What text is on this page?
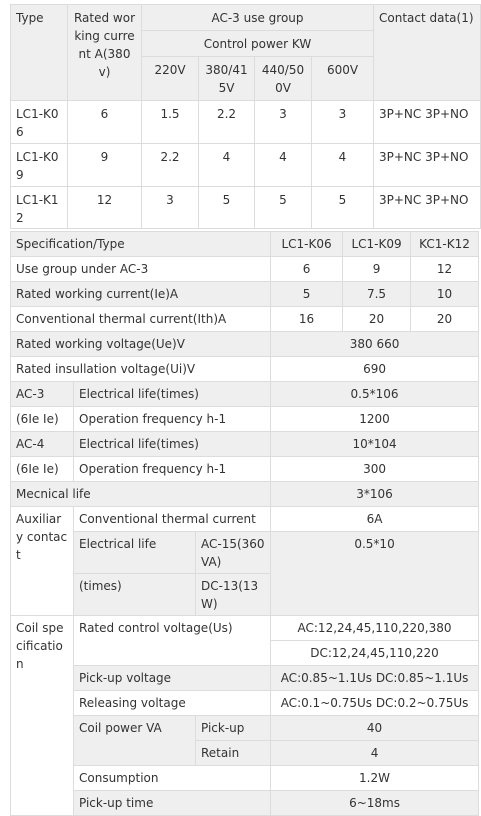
Type	Rated working current A(380v)	AC-3 use group				Contact data(1)
		Control power KW				
		220V	380/415V	440/500V	600V	
LC1-K06	6	1.5	2.2	3	3	3P+NC 3P+NO
LC1-K09	9	2.2	4	4	4	3P+NC 3P+NO
LC1-K12	12	3	5	5	5	3P+NC 3P+NO
Specification/Type			LC1-K06	LC1-K09	KC1-K12
Use group under AC-3			6	9	12
Rated working current(Ie)A			5	7.5	10
Conventional thermal current(Ith)A			16	20	20
Rated working voltage(Ue)V			380 660		
Rated insullation voltage(Ui)V			690		
AC-3	Electrical life(times)		0.5*106		
(6Ie Ie)	Operation frequency h-1		1200		
AC-4	Electrical life(times)		10*104		
(6Ie Ie)	Operation frequency h-1		300		
Mecnical life			3*106		
Auxiliary contact	Conventional thermal current		6A		
	Electrical life	AC-15(360VA)	0.5*10		
	(times)	DC-13(13W)			
Coil specification	Rated control voltage(Us)		AC:12,24,45,110,220,380		
			DC:12,24,45,110,220		
	Pick-up voltage		AC:0.85~1.1Us DC:0.85~1.1Us		
	Releasing voltage		AC:0.1~0.75Us DC:0.2~0.75Us		
	Coil power VA	Pick-up	40		
		Retain	4		
	Consumption		1.2W		
	Pick-up time		6~18ms		
